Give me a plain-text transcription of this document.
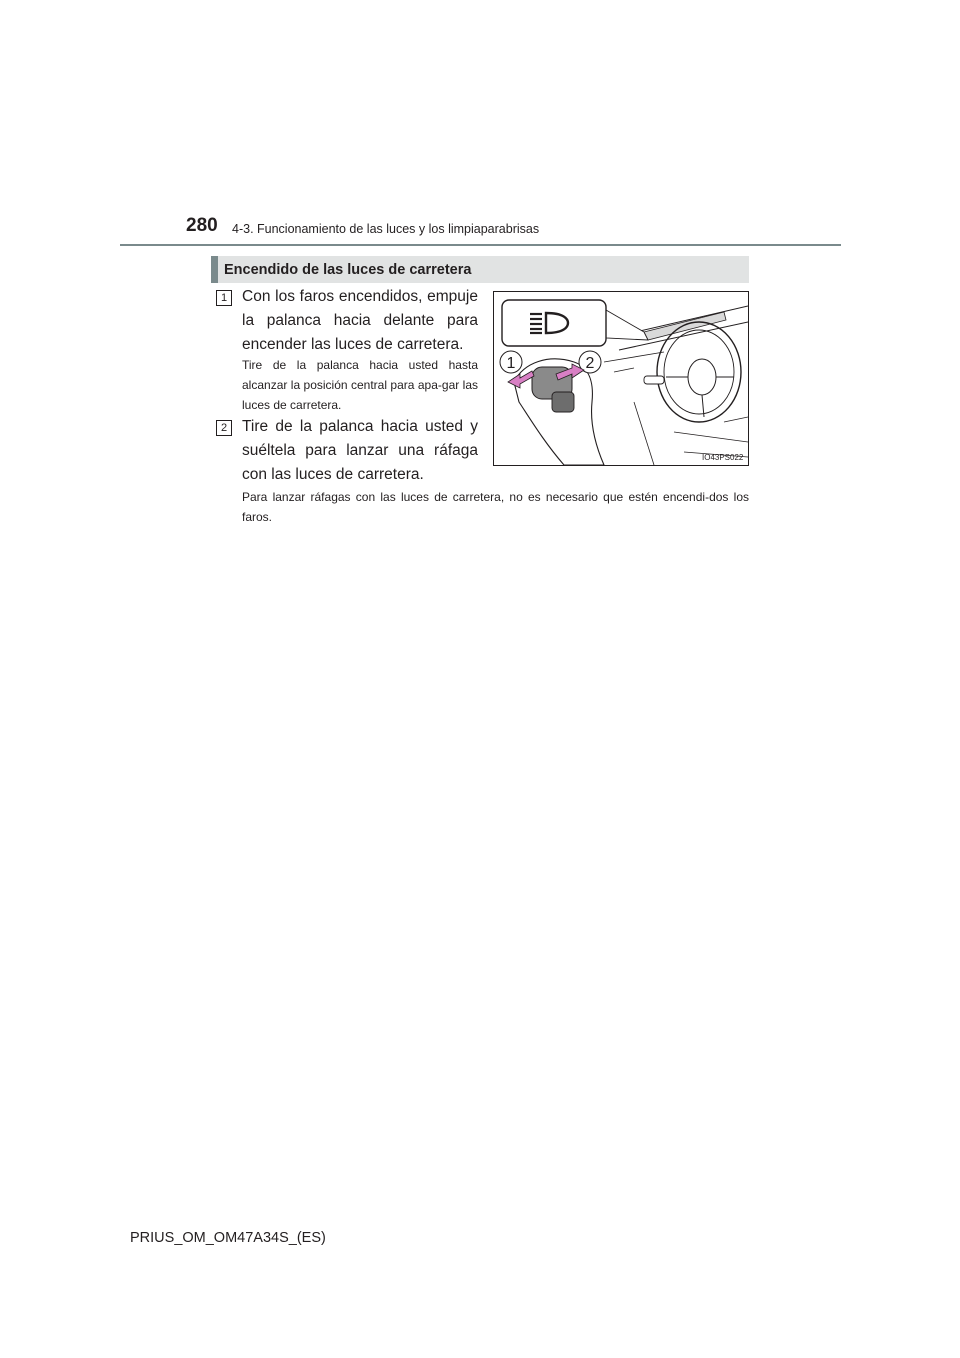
280 4-3. Funcionamiento de las luces y los limpiaparabrisas
Encendido de las luces de carretera
1 Con los faros encendidos, empuje la palanca hacia delante para encender las luces de carretera.
Tire de la palanca hacia usted hasta alcanzar la posición central para apa-gar las luces de carretera.
2 Tire de la palanca hacia usted y suéltela para lanzar una ráfaga con las luces de carretera.
1	2
IO43PS022
Para lanzar ráfagas con las luces de carretera, no es necesario que estén encendi-dos los faros.
PRIUS_OM_OM47A34S_(ES)
